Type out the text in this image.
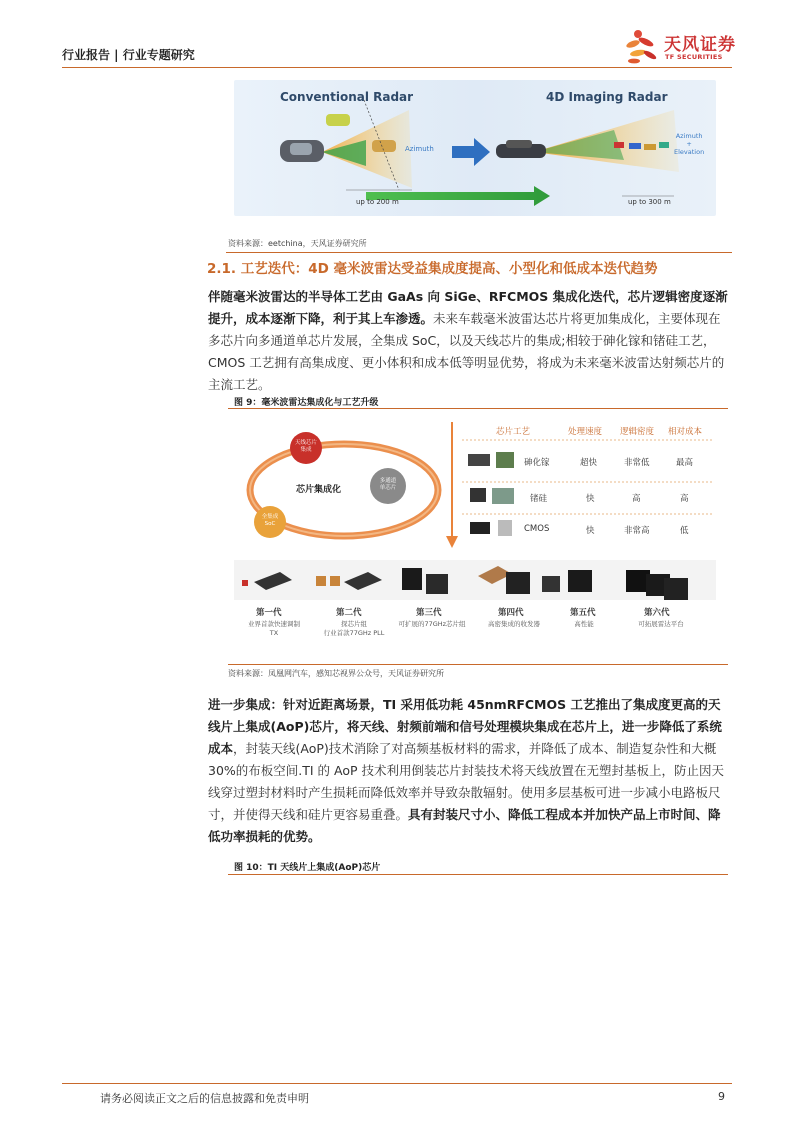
行业报告 | 行业专题研究	天风证券
TF SECURITIES
Conventional Radar	4D Imaging Radar
Azimuth
Azimuth
+
Elevation
up to 200 m	up to 300 m
资料来源：eetchina，天风证券研究所
2.1. 工艺迭代：4D 毫米波雷达受益集成度提高、小型化和低成本迭代趋势
伴随毫米波雷达的半导体工艺由 GaAs 向 SiGe、RFCMOS 集成化迭代，芯片逻辑密度逐渐提升，成本逐渐下降，利于其上车渗透。未来车载毫米波雷达芯片将更加集成化，主要体现在多芯片向多通道单芯片发展，全集成 SoC，以及天线芯片的集成;相较于砷化镓和锗硅工艺，CMOS 工艺拥有高集成度、更小体积和成本低等明显优势，将成为未来毫米波雷达射频芯片的主流工艺。
图 9：毫米波雷达集成化与工艺升级
天线芯片
集成
多通道
单芯片
全集成
SoC
芯片集成化
芯片工艺	处理速度 逻辑密度 相对成本
砷化镓	超快	非常低	最高
锗硅	快	高	高
CMOS	快	非常高	低
第一代
业界首款快速调制
TX
第二代
探芯片组
行业首款77GHz PLL
第三代
可扩展的77GHz芯片组
第四代
高密集成的收发器
第五代
高性能
第六代
可拓展雷达平台
资料来源：凤凰网汽车，感知芯视界公众号，天风证券研究所
进一步集成：针对近距离场景，TI 采用低功耗 45nmRFCMOS 工艺推出了集成度更高的天线片上集成(AoP)芯片，将天线、射频前端和信号处理模块集成在芯片上，进一步降低了系统成本，封装天线(AoP)技术消除了对高频基板材料的需求，并降低了成本、制造复杂性和大概 30%的布板空间.TI 的 AoP 技术利用倒装芯片封装技术将天线放置在无塑封基板上，防止因天线穿过塑封材料时产生损耗而降低效率并导致杂散辐射。使用多层基板可进一步减小电路板尺寸，并使得天线和硅片更容易重叠。具有封装尺寸小、降低工程成本并加快产品上市时间、降低功率损耗的优势。
图 10：TI 天线片上集成(AoP)芯片
请务必阅读正文之后的信息披露和免责申明	9
